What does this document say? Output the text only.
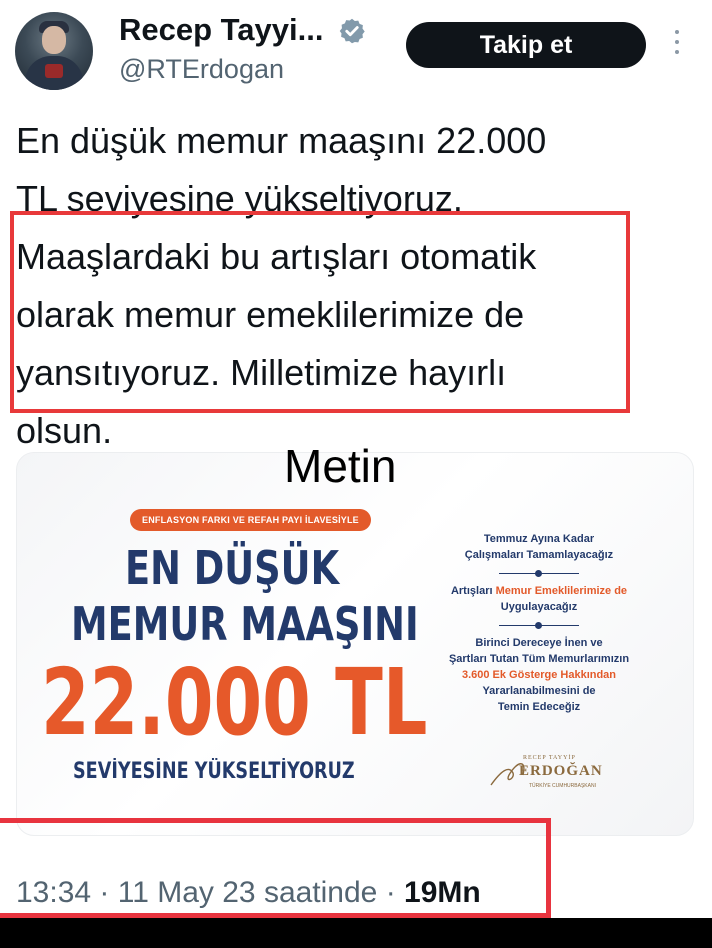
Recep Tayyi...
@RTErdogan
Takip et
En düşük memur maaşını 22.000
TL seviyesine yükseltiyoruz.
Maaşlardaki bu artışları otomatik
olarak memur emeklilerimize de
yansıtıyoruz. Milletimize hayırlı
olsun.
ENFLASYON FARKI VE REFAH PAYI İLAVESİYLE
EN DÜŞÜK
MEMUR MAAŞINI
22.000 TL
SEVİYESİNE YÜKSELTİYORUZ
Temmuz Ayına Kadar
Çalışmaları Tamamlayacağız
Artışları Memur Emeklilerimize de
Uygulayacağız
Birinci Dereceye İnen ve
Şartları Tutan Tüm Memurlarımızın
3.600 Ek Gösterge Hakkından
Yararlanabilmesini de
Temin Edeceğiz
RECEP TAYYİP
ERDOĞAN
TÜRKİYE CUMHURBAŞKANI
Metin
13:34 · 11 May 23 saatinde · 19Mn
